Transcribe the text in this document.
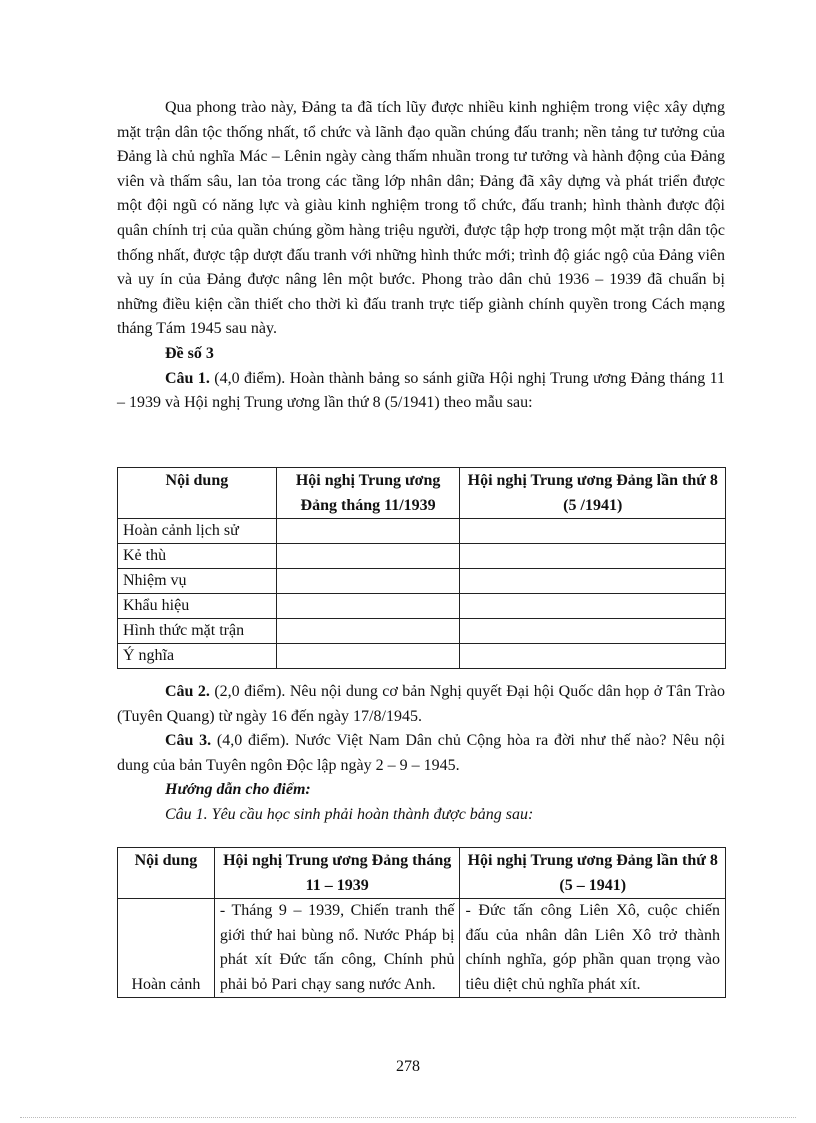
Qua phong trào này, Đảng ta đã tích lũy được nhiều kinh nghiệm trong việc xây dựng mặt trận dân tộc thống nhất, tổ chức và lãnh đạo quần chúng đấu tranh; nền tảng tư tưởng của Đảng là chủ nghĩa Mác – Lênin ngày càng thấm nhuần trong tư tưởng và hành động của Đảng viên và thấm sâu, lan tỏa trong các tầng lớp nhân dân; Đảng đã xây dựng và phát triển được một đội ngũ có năng lực và giàu kinh nghiệm trong tổ chức, đấu tranh; hình thành được đội quân chính trị của quần chúng gồm hàng triệu người, được tập hợp trong một mặt trận dân tộc thống nhất, được tập dượt đấu tranh với những hình thức mới; trình độ giác ngộ của Đảng viên và uy ín của Đảng được nâng lên một bước. Phong trào dân chủ 1936 – 1939 đã chuẩn bị những điều kiện cần thiết cho thời kì đấu tranh trực tiếp giành chính quyền trong Cách mạng tháng Tám 1945 sau này.

Đề số 3

Câu 1. (4,0 điểm). Hoàn thành bảng so sánh giữa Hội nghị Trung ương Đảng tháng 11 – 1939 và Hội nghị Trung ương lần thứ 8 (5/1941) theo mẫu sau:

Nội dung	Hội nghị Trung ương Đảng tháng 11/1939	Hội nghị Trung ương Đảng lần thứ 8 (5 /1941)
Hoàn cảnh lịch sử		
Kẻ thù		
Nhiệm vụ		
Khẩu hiệu		
Hình thức mặt trận		
Ý nghĩa		

Câu 2. (2,0 điểm). Nêu nội dung cơ bản Nghị quyết Đại hội Quốc dân họp ở Tân Trào (Tuyên Quang) từ ngày 16 đến ngày 17/8/1945.

Câu 3. (4,0 điểm). Nước Việt Nam Dân chủ Cộng hòa ra đời như thế nào? Nêu nội dung của bản Tuyên ngôn Độc lập ngày 2 – 9 – 1945.

Hướng dẫn cho điểm:

Câu 1. Yêu cầu học sinh phải hoàn thành được bảng sau:

Nội dung	Hội nghị Trung ương Đảng tháng 11 – 1939	Hội nghị Trung ương Đảng lần thứ 8 (5 – 1941)
Hoàn cảnh	- Tháng 9 – 1939, Chiến tranh thế giới thứ hai bùng nổ. Nước Pháp bị phát xít Đức tấn công, Chính phủ phải bỏ Pari chạy sang nước Anh.	- Đức tấn công Liên Xô, cuộc chiến đấu của nhân dân Liên Xô trở thành chính nghĩa, góp phần quan trọng vào tiêu diệt chủ nghĩa phát xít.
278
